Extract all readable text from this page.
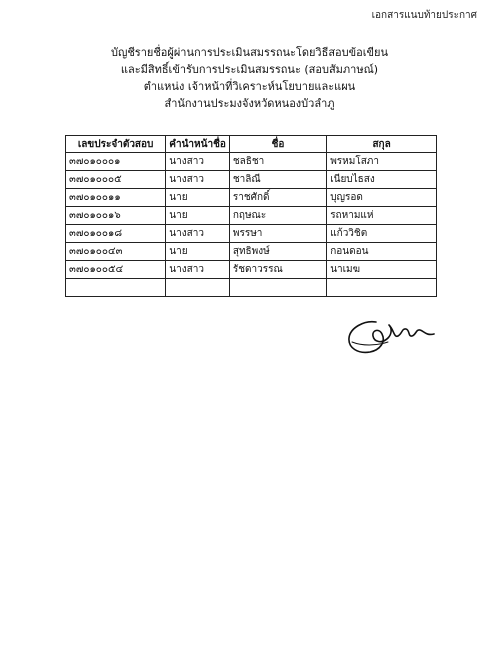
เอกสารแนบท้ายประกาศ
บัญชีรายชื่อผู้ผ่านการประเมินสมรรถนะโดยวิธีสอบข้อเขียน
และมีสิทธิ์เข้ารับการประเมินสมรรถนะ (สอบสัมภาษณ์)
ตำแหน่ง เจ้าหน้าที่วิเคราะห์นโยบายและแผน
สำนักงานประมงจังหวัดหนองบัวลำภู
เลขประจำตัวสอบ	คำนำหน้าชื่อ	ชื่อ	สกุล
๓๗๐๑๐๐๐๑	นางสาว	ชลธิชา	พรหมโสภา
๓๗๐๑๐๐๐๕	นางสาว	ชาลิณี	เนียบไธสง
๓๗๐๑๐๐๑๑	นาย	ราชศักดิ์	บุญรอด
๓๗๐๑๐๐๑๖	นาย	กฤษณะ	รถหามแห่
๓๗๐๑๐๐๑๘	นางสาว	พรรษา	แก้ววิชิต
๓๗๐๑๐๐๔๓	นาย	สุทธิพงษ์	กอนดอน
๓๗๐๑๐๐๕๔	นางสาว	รัชดาวรรณ	นาเมฆ
